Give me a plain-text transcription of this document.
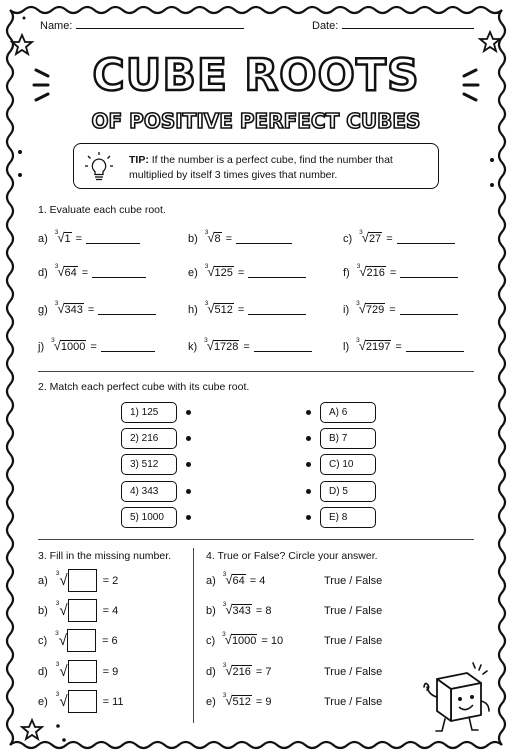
Name:	Date:
CUBE ROOTS
OF POSITIVE PERFECT CUBES
TIP: If the number is a perfect cube, find the number that multiplied by itself 3 times gives that number.
1. Evaluate each cube root.
a) 3 √ 1 =	b) 3 √ 8 =	c) 3 √ 27 =
d) 3 √ 64 =	e) 3 √ 125 =	f) 3 √ 216 =
g) 3 √ 343 =	h) 3 √ 512 =	i) 3 √ 729 =
j) 3 √ 1000 =	k) 3 √ 1728 =	l) 3 √ 2197 =
2. Match each perfect cube with its cube root.
1) 125
2) 216
3) 512
4) 343
5) 1000
A) 6
B) 7
C) 10
D) 5
E) 8
3. Fill in the missing number.	4. True or False? Circle your answer.
a)
3 √	= 2
b)
3 √	= 4
c)
3 √	= 6
d)
3 √	= 9
e)
3 √	= 11
a) 3 √ 64 = 4	True / False
b) 3 √ 343 = 8	True / False
c) 3 √ 1000 = 10	True / False
d) 3 √ 216 = 7	True / False
e) 3 √ 512 = 9	True / False
